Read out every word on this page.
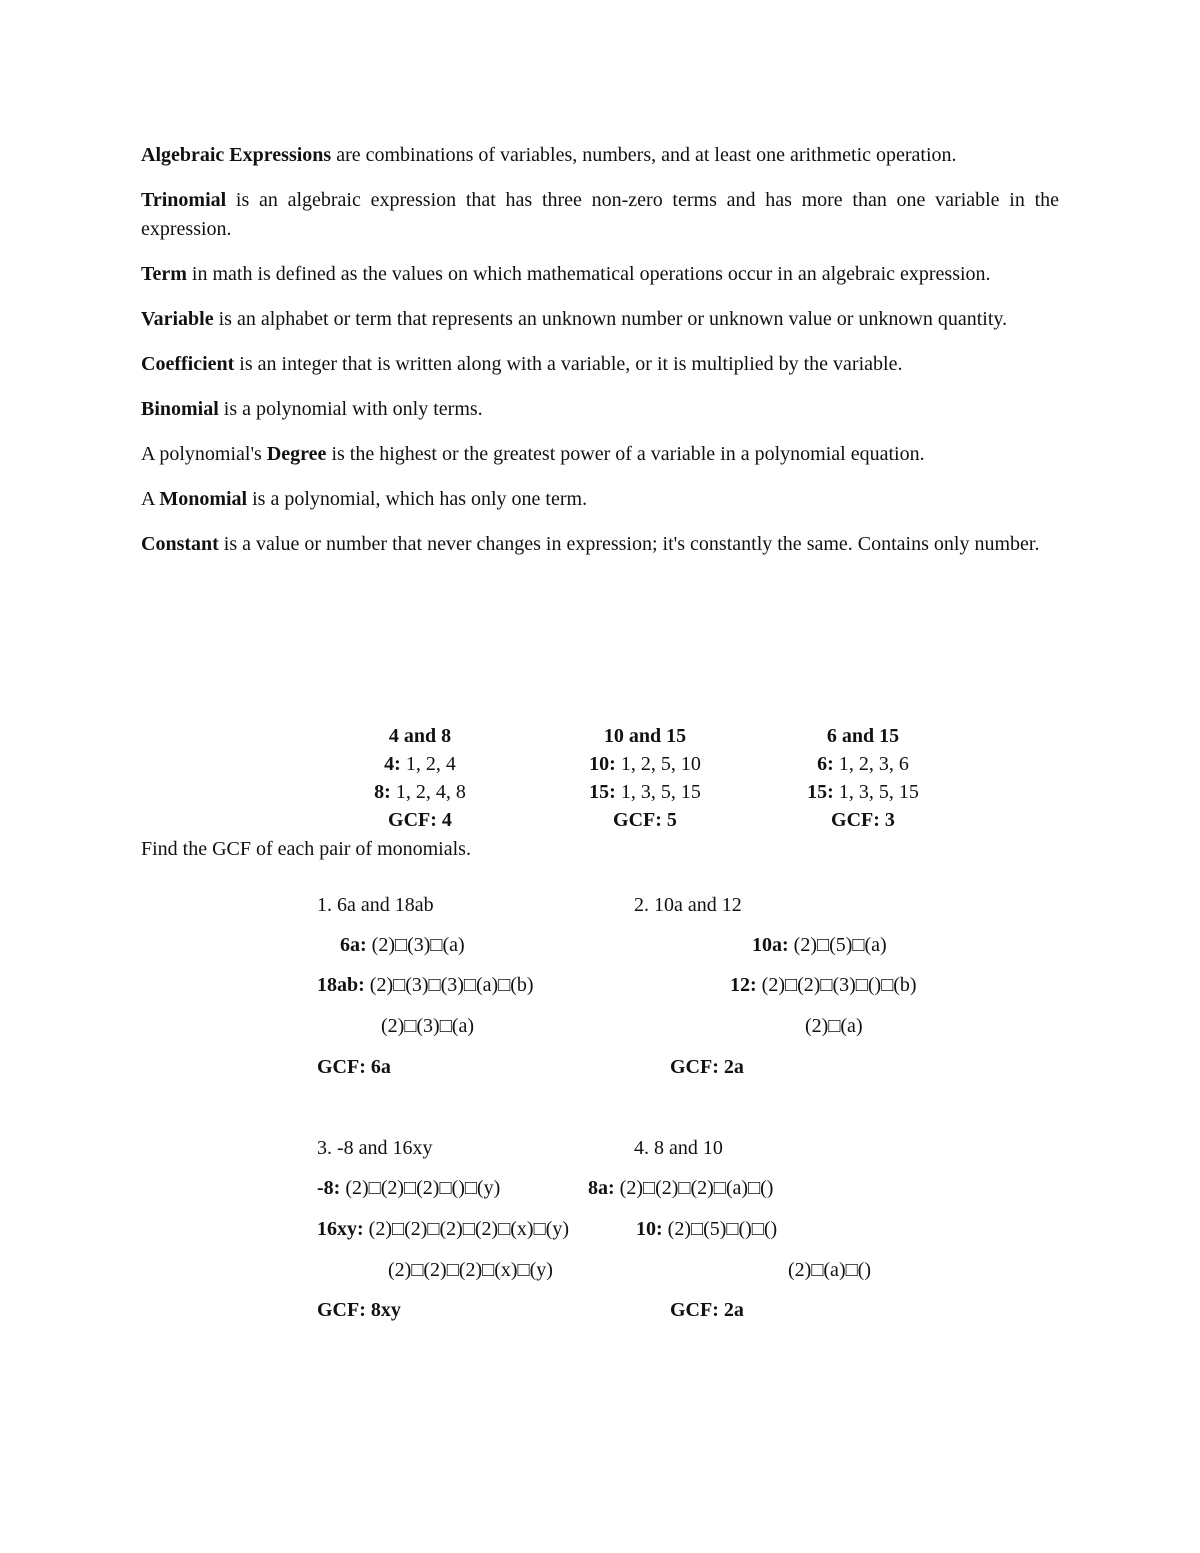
Algebraic Expressions are combinations of variables, numbers, and at least one arithmetic operation.

Trinomial is an algebraic expression that has three non-zero terms and has more than one variable in the expression.

Term in math is defined as the values on which mathematical operations occur in an algebraic expression.

Variable is an alphabet or term that represents an unknown number or unknown value or unknown quantity.

Coefficient is an integer that is written along with a variable, or it is multiplied by the variable.

Binomial is a polynomial with only terms.

A polynomial's Degree is the highest or the greatest power of a variable in a polynomial equation.

A Monomial is a polynomial, which has only one term.

Constant is a value or number that never changes in expression; it's constantly the same. Contains only number.

4 and 8
4: 1, 2, 4
8: 1, 2, 4, 8
GCF: 4
10 and 15
10: 1, 2, 5, 10
15: 1, 3, 5, 15
GCF: 5
6 and 15
6: 1, 2, 3, 6
15: 1, 3, 5, 15
GCF: 3
Find the GCF of each pair of monomials.
1. 6a and 18ab
6a: (2)□(3)□(a)
18ab: (2)□(3)□(3)□(a)□(b)
(2)□(3)□(a)
GCF: 6a
2. 10a and 12
10a: (2)□(5)□(a)
12: (2)□(2)□(3)□()□(b)
(2)□(a)
GCF: 2a
3. -8 and 16xy
-8: (2)□(2)□(2)□()□(y)
16xy: (2)□(2)□(2)□(2)□(x)□(y)
(2)□(2)□(2)□(x)□(y)
GCF: 8xy
4. 8 and 10
8a: (2)□(2)□(2)□(a)□()
10: (2)□(5)□()□()
(2)□(a)□()
GCF: 2a
